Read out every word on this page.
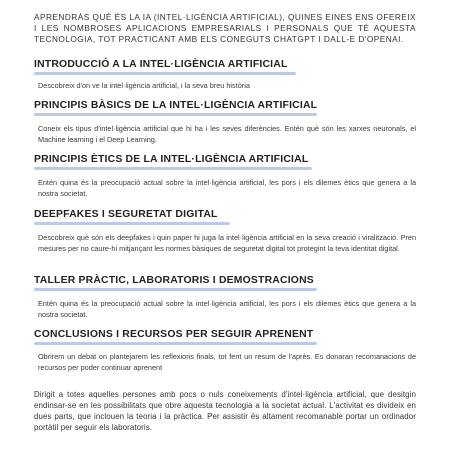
APRENDRÀS QUÈ ÉS LA IA (INTEL·LIGÈNCIA ARTIFICIAL), QUINES EINES ENS OFEREIX I LES NOMBROSES APLICACIONS EMPRESARIALS I PERSONALS QUE TÉ AQUESTA TECNOLOGIA, TOT PRACTICANT AMB ELS CONEGUTS CHATGPT I DALL-E D'OPENAI.

INTRODUCCIÓ A LA INTEL·LIGÈNCIA ARTIFICIAL

Descobreix d'on ve la intel·ligència artificial, i la seva breu història

PRINCIPIS BÀSICS DE LA INTEL·LIGÈNCIA ARTIFICIAL

Coneix els tipus d'intel·ligència artificial que hi ha i les seves diferències. Entén què són les xarxes neuronals, el Machine learning i el Deep Learning.

PRINCIPIS ÈTICS DE LA INTEL·LIGÈNCIA ARTIFICIAL

Entén quina és la preocupació actual sobre la intel·ligència artificial, les pors i els dilemes ètics que genera a la nostra societat.

DEEPFAKES I SEGURETAT DIGITAL

Descobreix què són els deepfakes i quin paper hi juga la intel·ligència artificial en la seva creació i viralització. Pren mesures per no caure-hi mitjançant les normes bàsiques de seguretat digital tot protegint la teva identitat digital.

TALLER PRÀCTIC, LABORATORIS I DEMOSTRACIONS

Entén quina és la preocupació actual sobre la intel·ligència artificial, les pors i els dilemes ètics que genera a la nostra societat.

CONCLUSIONS I RECURSOS PER SEGUIR APRENENT

Obrirem un debat on plantejarem les reflexions finals, tot fent un resum de l'après. Es donaran recomanacions de recursos per poder continuar aprenent

Dirigit a totes aquelles persones amb pocs o nuls coneixements d'intel·ligència artificial, que desitgin endinsar-se en les possibilitats que obre aquesta tecnologia a la societat actual. L'activitat es divideix en dues parts, que inclouen la teoria i la pràctica. Per assistir és altament recomanable portar un ordinador portàtil per seguir els laboratoris.
